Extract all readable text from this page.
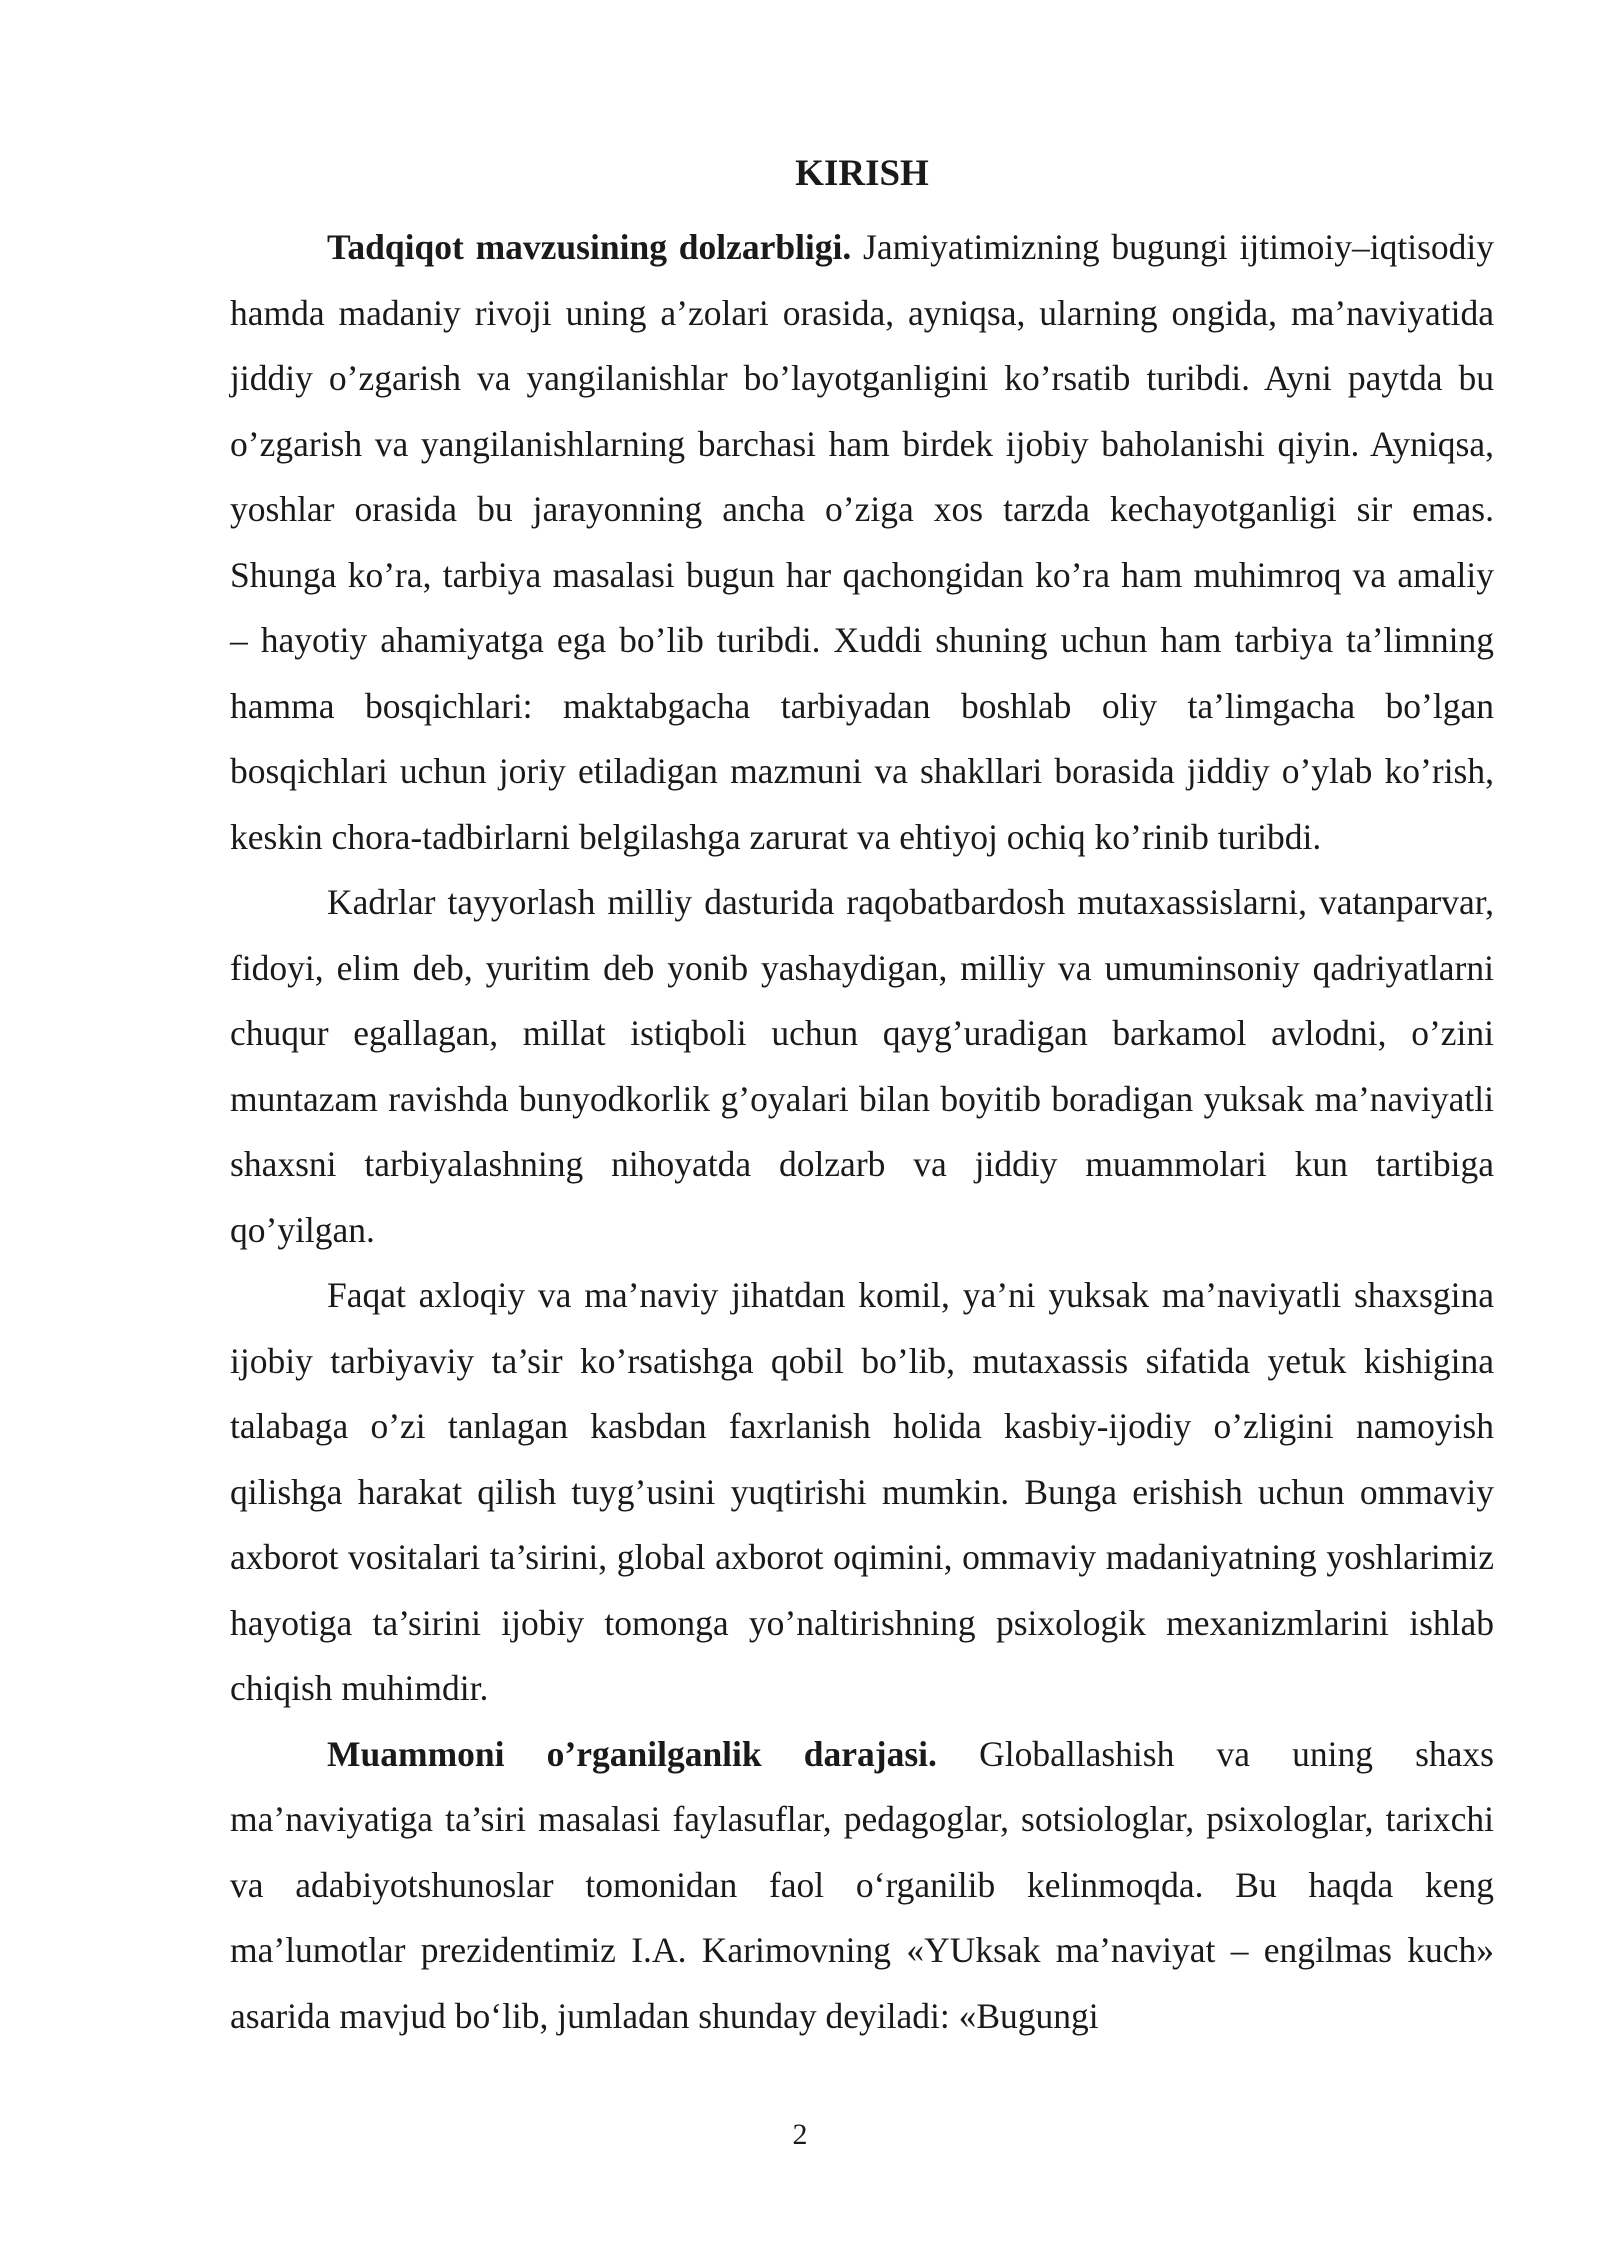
KIRISH

Tadqiqot mavzusining dolzarbligi. Jamiyatimizning bugungi ijtimoiy–iqtisodiy hamda madaniy rivoji uning a’zolari orasida, ayniqsa, ularning ongida, ma’naviyatida jiddiy o’zgarish va yangilanishlar bo’layotganligini ko’rsatib turibdi. Ayni paytda bu o’zgarish va yangilanishlarning barchasi ham birdek ijobiy baholanishi qiyin. Ayniqsa, yoshlar orasida bu jarayonning ancha o’ziga xos tarzda kechayotganligi sir emas. Shunga ko’ra, tarbiya masalasi bugun har qachongidan ko’ra ham muhimroq va amaliy – hayotiy ahamiyatga ega bo’lib turibdi. Xuddi shuning uchun ham tarbiya ta’limning hamma bosqichlari: maktabgacha tarbiyadan boshlab oliy ta’limgacha bo’lgan bosqichlari uchun joriy etiladigan mazmuni va shakllari borasida jiddiy o’ylab ko’rish, keskin chora-tadbirlarni belgilashga zarurat va ehtiyoj ochiq ko’rinib turibdi.

Kadrlar tayyorlash milliy dasturida raqobatbardosh mutaxassislarni, vatanparvar, fidoyi, elim deb, yuritim deb yonib yashaydigan, milliy va umuminsoniy qadriyatlarni chuqur egallagan, millat istiqboli uchun qayg’uradigan barkamol avlodni, o’zini muntazam ravishda bunyodkorlik g’oyalari bilan boyitib boradigan yuksak ma’naviyatli shaxsni tarbiyalashning nihoyatda dolzarb va jiddiy muammolari kun tartibiga qo’yilgan.

Faqat axloqiy va ma’naviy jihatdan komil, ya’ni yuksak ma’naviyatli shaxsgina ijobiy tarbiyaviy ta’sir ko’rsatishga qobil bo’lib, mutaxassis sifatida yetuk kishigina talabaga o’zi tanlagan kasbdan faxrlanish holida kasbiy-ijodiy o’zligini namoyish qilishga harakat qilish tuyg’usini yuqtirishi mumkin. Bunga erishish uchun ommaviy axborot vositalari ta’sirini, global axborot oqimini, ommaviy madaniyatning yoshlarimiz hayotiga ta’sirini ijobiy tomonga yo’naltirishning psixologik mexanizmlarini ishlab chiqish muhimdir.

Muammoni o’rganilganlik darajasi. Globallashish va uning shaxs ma’naviyatiga ta’siri masalasi faylasuflar, pedagoglar, sotsiologlar, psixologlar, tarixchi va adabiyotshunoslar tomonidan faol o‘rganilib kelinmoqda. Bu haqda keng ma’lumotlar prezidentimiz I.A. Karimovning «YUksak ma’naviyat – engilmas kuch» asarida mavjud bo‘lib, jumladan shunday deyiladi: «Bugungi

2
